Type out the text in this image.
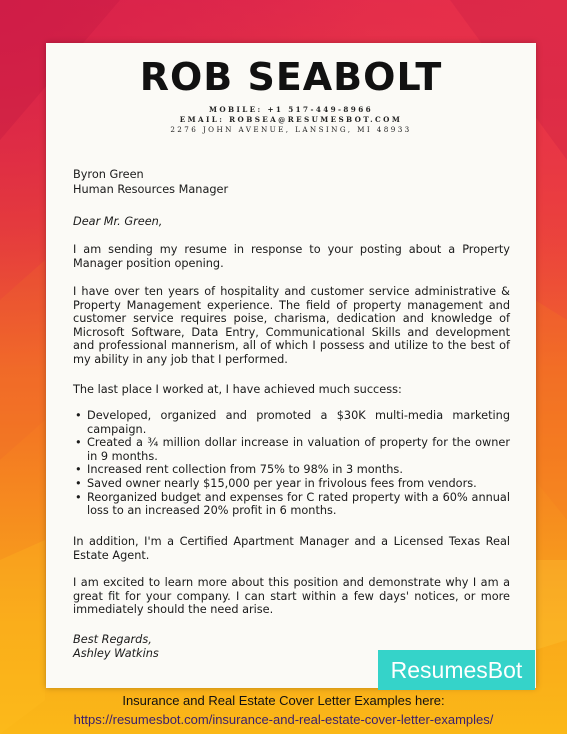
ROB SEABOLT
MOBILE: +1 517-449-8966
EMAIL: ROBSEA@RESUMESBOT.COM
2276 JOHN AVENUE, LANSING, MI 48933
Byron Green
Human Resources Manager
Dear Mr. Green,
I am sending my resume in response to your posting about a Property Manager position opening.
I have over ten years of hospitality and customer service administrative & Property Management experience. The field of property management and customer service requires poise, charisma, dedication and knowledge of Microsoft Software, Data Entry, Communicational Skills and development and professional mannerism, all of which I possess and utilize to the best of my ability in any job that I performed.
The last place I worked at, I have achieved much success:
• Developed, organized and promoted a $30K multi-media marketing campaign.
• Created a ¾ million dollar increase in valuation of property for the owner in 9 months.
• Increased rent collection from 75% to 98% in 3 months.
• Saved owner nearly $15,000 per year in frivolous fees from vendors.
• Reorganized budget and expenses for C rated property with a 60% annual loss to an increased 20% profit in 6 months.
In addition, I'm a Certified Apartment Manager and a Licensed Texas Real Estate Agent.
I am excited to learn more about this position and demonstrate why I am a great fit for your company. I can start within a few days' notices, or more immediately should the need arise.
Best Regards,
Ashley Watkins
ResumesBot
Insurance and Real Estate Cover Letter Examples here:
https://resumesbot.com/insurance-and-real-estate-cover-letter-examples/
